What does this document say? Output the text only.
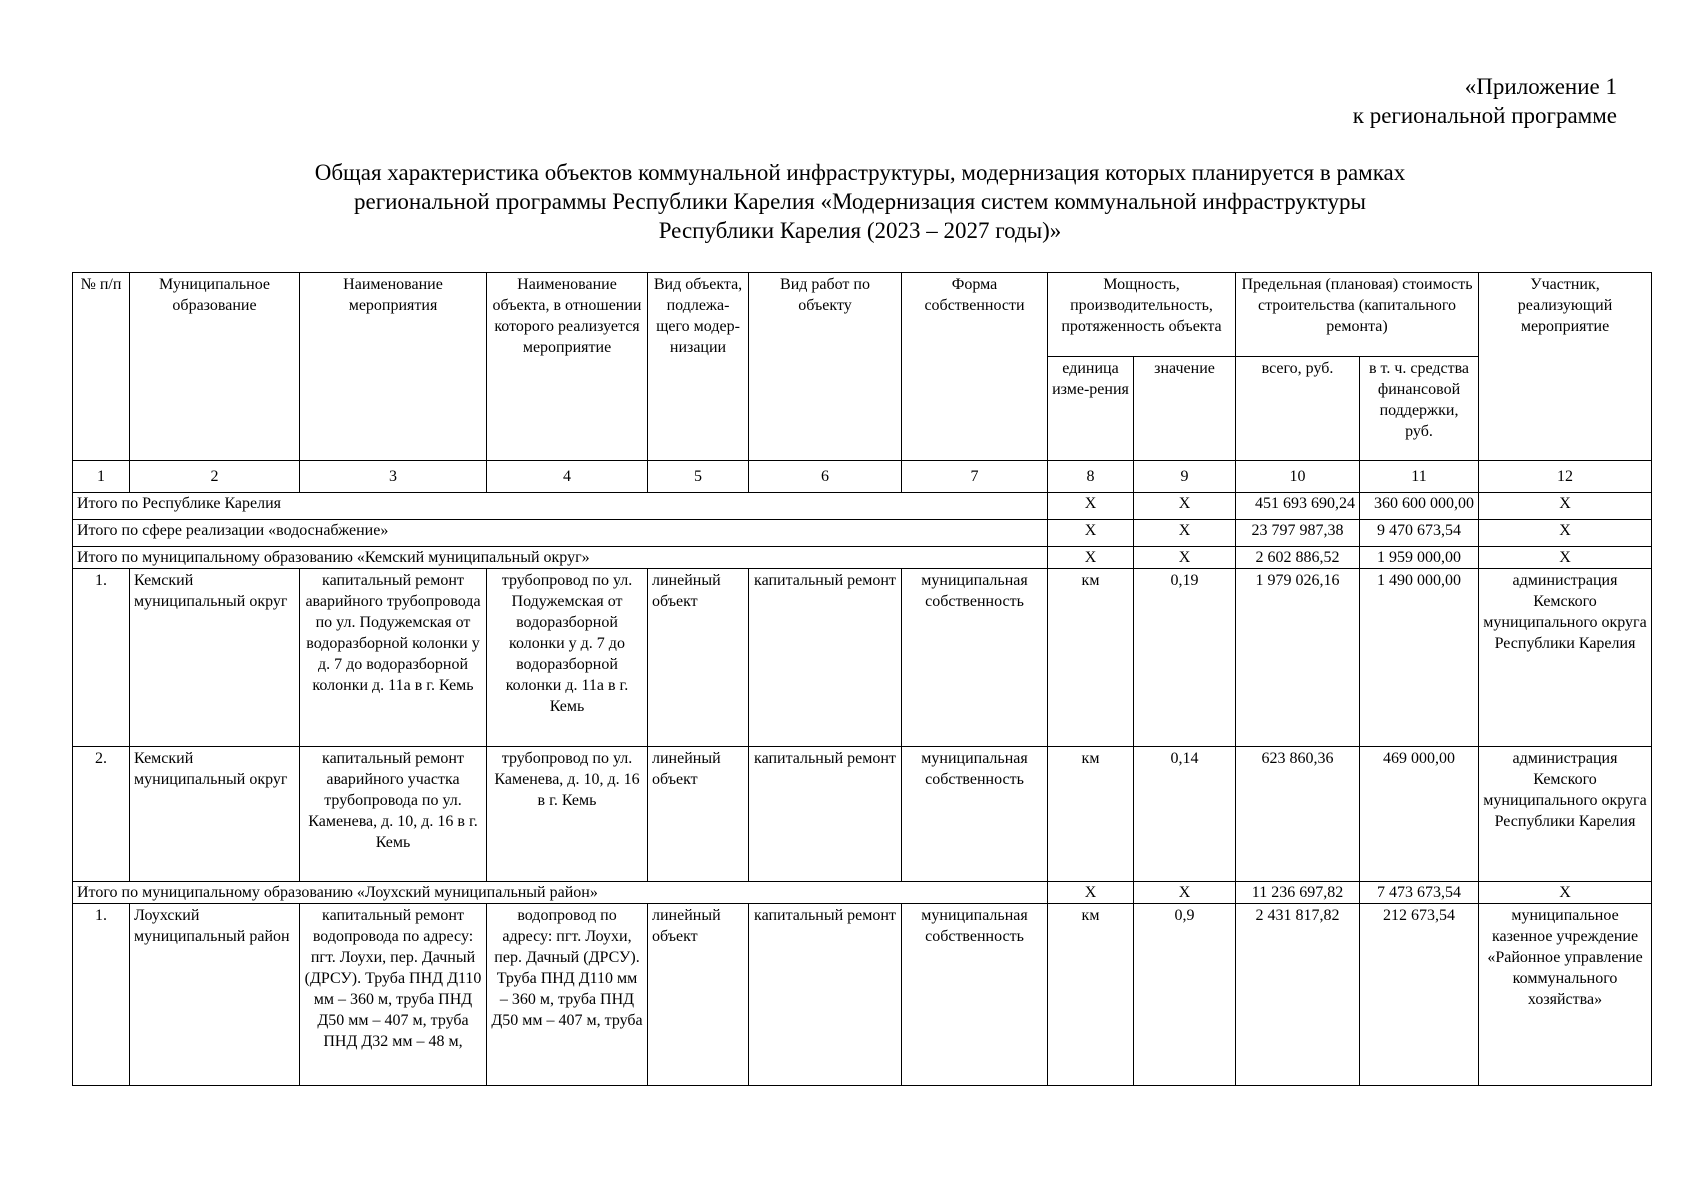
«Приложение 1
к региональной программе
Общая характеристика объектов коммунальной инфраструктуры, модернизация которых планируется в рамках
региональной программы Республики Карелия «Модернизация систем коммунальной инфраструктуры
Республики Карелия (2023 – 2027 годы)»
№ п/п	Муниципальное образование	Наименование мероприятия	Наименование объекта, в отношении которого реализуется мероприятие	Вид объекта, подлежа-щего модер-низации	Вид работ по объекту	Форма собственности	Мощность, производительность, протяженность объекта		Предельная (плановая) стоимость строительства (капитального ремонта)		Участник, реализующий мероприятие
							единица изме-рения	значение	всего, руб.	в т. ч. средства финансовой поддержки, руб.	
1	2	3	4	5	6	7	8	9	10	11	12
Итого по Республике Карелия							X	X	451 693 690,24	360 600 000,00	X
Итого по сфере реализации «водоснабжение»							X	X	23 797 987,38	9 470 673,54	X
Итого по муниципальному образованию «Кемский муниципальный округ»							X	X	2 602 886,52	1 959 000,00	X
1.	Кемский муниципальный округ	капитальный ремонт аварийного трубопровода по ул. Подужемская от водоразборной колонки у д. 7 до водоразборной колонки д. 11а в г. Кемь	трубопровод по ул. Подужемская от водоразборной колонки у д. 7 до водоразборной колонки д. 11а в г. Кемь	линейный объект	капитальный ремонт	муниципальная собственность	км	0,19	1 979 026,16	1 490 000,00	администрация Кемского муниципального округа Республики Карелия
2.	Кемский муниципальный округ	капитальный ремонт аварийного участка трубопровода по ул. Каменева, д. 10, д. 16 в г. Кемь	трубопровод по ул. Каменева, д. 10, д. 16 в г. Кемь	линейный объект	капитальный ремонт	муниципальная собственность	км	0,14	623 860,36	469 000,00	администрация Кемского муниципального округа Республики Карелия
Итого по муниципальному образованию «Лоухский муниципальный район»							X	X	11 236 697,82	7 473 673,54	X
1.	Лоухский муниципальный район	капитальный ремонт водопровода по адресу: пгт. Лоухи, пер. Дачный (ДРСУ). Труба ПНД Д110 мм – 360 м, труба ПНД Д50 мм – 407 м, труба ПНД Д32 мм – 48 м,	водопровод по адресу: пгт. Лоухи, пер. Дачный (ДРСУ). Труба ПНД Д110 мм – 360 м, труба ПНД Д50 мм – 407 м, труба	линейный объект	капитальный ремонт	муниципальная собственность	км	0,9	2 431 817,82	212 673,54	муниципальное казенное учреждение «Районное управление коммунального хозяйства»
